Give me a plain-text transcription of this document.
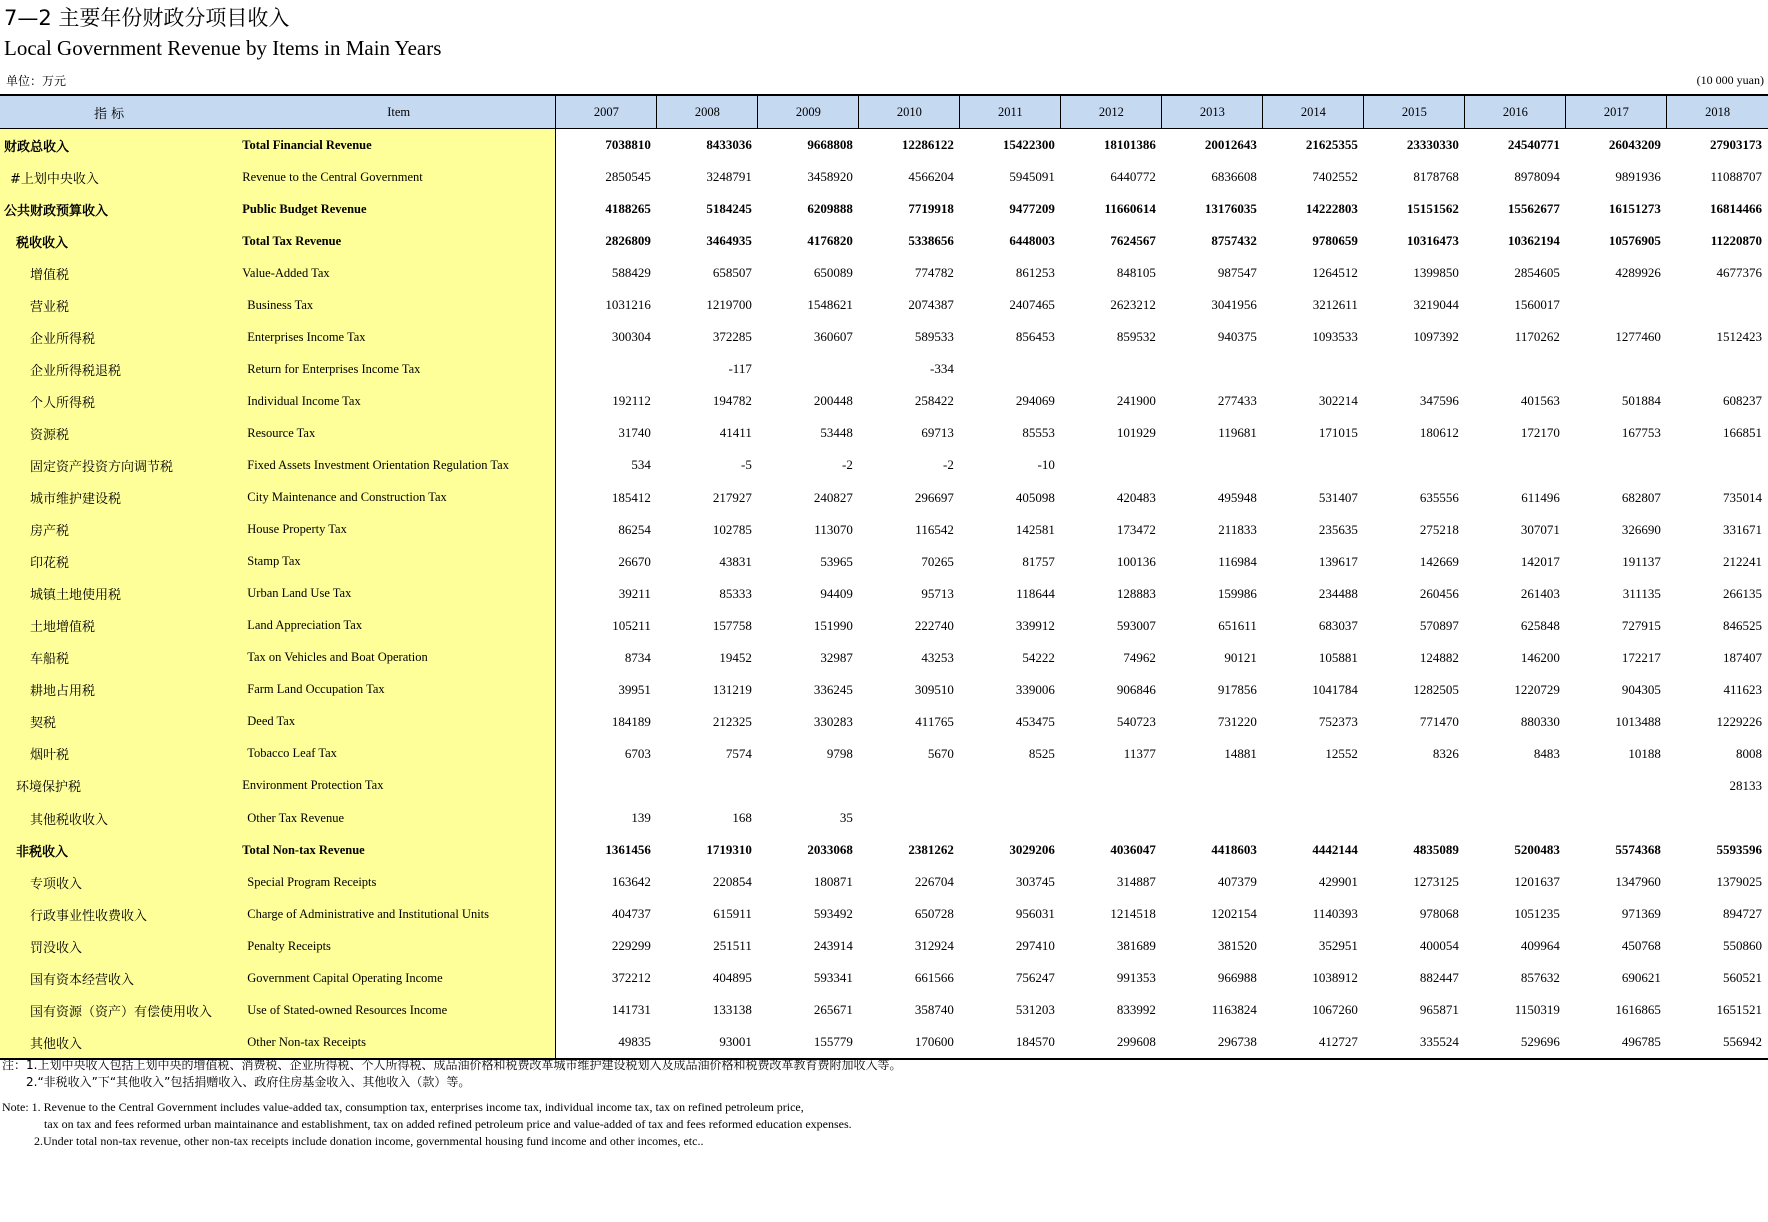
7—2 主要年份财政分项目收入
Local Government Revenue by Items in Main Years
单位：万元	(10 000 yuan)
指 标	Item	2007	2008	2009	2010	2011	2012	2013	2014	2015	2016	2017	2018
财政总收入	Total Financial Revenue	7038810	8433036	9668808	12286122	15422300	18101386	20012643	21625355	23330330	24540771	26043209	27903173
#上划中央收入	Revenue to the Central Government	2850545	3248791	3458920	4566204	5945091	6440772	6836608	7402552	8178768	8978094	9891936	11088707
公共财政预算收入	Public Budget Revenue	4188265	5184245	6209888	7719918	9477209	11660614	13176035	14222803	15151562	15562677	16151273	16814466
税收收入	Total Tax Revenue	2826809	3464935	4176820	5338656	6448003	7624567	8757432	9780659	10316473	10362194	10576905	11220870
增值税	Value-Added Tax	588429	658507	650089	774782	861253	848105	987547	1264512	1399850	2854605	4289926	4677376
营业税	Business Tax	1031216	1219700	1548621	2074387	2407465	2623212	3041956	3212611	3219044	1560017		
企业所得税	Enterprises Income Tax	300304	372285	360607	589533	856453	859532	940375	1093533	1097392	1170262	1277460	1512423
企业所得税退税	Return for Enterprises Income Tax		-117		-334								
个人所得税	Individual Income Tax	192112	194782	200448	258422	294069	241900	277433	302214	347596	401563	501884	608237
资源税	Resource Tax	31740	41411	53448	69713	85553	101929	119681	171015	180612	172170	167753	166851
固定资产投资方向调节税	Fixed Assets Investment Orientation Regulation Tax	534	-5	-2	-2	-10							
城市维护建设税	City Maintenance and Construction Tax	185412	217927	240827	296697	405098	420483	495948	531407	635556	611496	682807	735014
房产税	House Property Tax	86254	102785	113070	116542	142581	173472	211833	235635	275218	307071	326690	331671
印花税	Stamp Tax	26670	43831	53965	70265	81757	100136	116984	139617	142669	142017	191137	212241
城镇土地使用税	Urban Land Use Tax	39211	85333	94409	95713	118644	128883	159986	234488	260456	261403	311135	266135
土地增值税	Land Appreciation Tax	105211	157758	151990	222740	339912	593007	651611	683037	570897	625848	727915	846525
车船税	Tax on Vehicles and Boat Operation	8734	19452	32987	43253	54222	74962	90121	105881	124882	146200	172217	187407
耕地占用税	Farm Land Occupation Tax	39951	131219	336245	309510	339006	906846	917856	1041784	1282505	1220729	904305	411623
契税	Deed Tax	184189	212325	330283	411765	453475	540723	731220	752373	771470	880330	1013488	1229226
烟叶税	Tobacco Leaf Tax	6703	7574	9798	5670	8525	11377	14881	12552	8326	8483	10188	8008
环境保护税	Environment Protection Tax												28133
其他税收收入	Other Tax Revenue	139	168	35									
非税收入	Total Non-tax Revenue	1361456	1719310	2033068	2381262	3029206	4036047	4418603	4442144	4835089	5200483	5574368	5593596
专项收入	Special Program Receipts	163642	220854	180871	226704	303745	314887	407379	429901	1273125	1201637	1347960	1379025
行政事业性收费收入	Charge of Administrative and Institutional Units	404737	615911	593492	650728	956031	1214518	1202154	1140393	978068	1051235	971369	894727
罚没收入	Penalty Receipts	229299	251511	243914	312924	297410	381689	381520	352951	400054	409964	450768	550860
国有资本经营收入	Government Capital Operating Income	372212	404895	593341	661566	756247	991353	966988	1038912	882447	857632	690621	560521
国有资源（资产）有偿使用收入	Use of Stated-owned Resources Income	141731	133138	265671	358740	531203	833992	1163824	1067260	965871	1150319	1616865	1651521
其他收入	Other Non-tax Receipts	49835	93001	155779	170600	184570	299608	296738	412727	335524	529696	496785	556942
注：1.上划中央收入包括上划中央的增值税、消费税、企业所得税、个人所得税、成品油价格和税费改革城市维护建设税划入及成品油价格和税费改革教育费附加收入等。
2.“非税收入”下“其他收入”包括捐赠收入、政府住房基金收入、其他收入（款）等。
Note: 1. Revenue to the Central Government includes value-added tax, consumption tax, enterprises income tax, individual income tax, tax on refined petroleum price,
tax on tax and fees reformed urban maintainance and establishment, tax on added refined petroleum price and value-added of tax and fees reformed education expenses.
2.Under total non-tax revenue, other non-tax receipts include donation income, governmental housing fund income and other incomes, etc..
